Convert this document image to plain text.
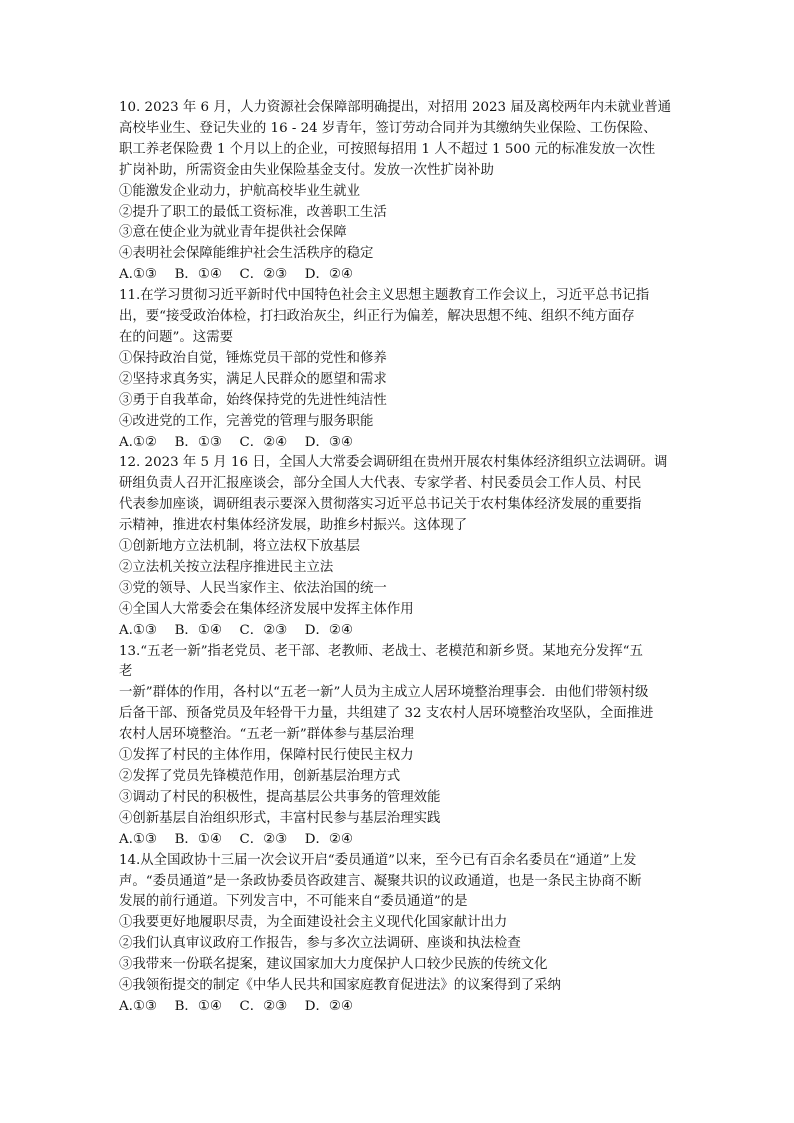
10. 2023 年 6 月，人力资源社会保障部明确提出，对招用 2023 届及离校两年内未就业普通
高校毕业生、登记失业的 16 - 24 岁青年，签订劳动合同并为其缴纳失业保险、工伤保险、
职工养老保险费 1 个月以上的企业，可按照每招用 1 人不超过 1 500 元的标准发放一次性
扩岗补助，所需资金由失业保险基金支付。发放一次性扩岗补助
①能激发企业动力，护航高校毕业生就业
②提升了职工的最低工资标准，改善职工生活
③意在使企业为就业青年提供社会保障
④表明社会保障能维护社会生活秩序的稳定
A.①③　 B．①④　 C．②③　 D．②④
11.在学习贯彻习近平新时代中国特色社会主义思想主题教育工作会议上，习近平总书记指
出，要“接受政治体检，打扫政治灰尘，纠正行为偏差，解决思想不纯、组织不纯方面存
在的问题”。这需要
①保持政治自觉，锤炼党员干部的党性和修养
②坚持求真务实，满足人民群众的愿望和需求
③勇于自我革命，始终保持党的先进性纯洁性
④改进党的工作，完善党的管理与服务职能
A.①②　 B．①③　 C．②④　 D．③④
12. 2023 年 5 月 16 日，全国人大常委会调研组在贵州开展农村集体经济组织立法调研。调
研组负责人召开汇报座谈会，部分全国人大代表、专家学者、村民委员会工作人员、村民
代表参加座谈，调研组表示要深入贯彻落实习近平总书记关于农村集体经济发展的重要指
示精神，推进农村集体经济发展，助推乡村振兴。这体现了
①创新地方立法机制，将立法权下放基层
②立法机关按立法程序推进民主立法
③党的领导、人民当家作主、依法治国的统一
④全国人大常委会在集体经济发展中发挥主体作用
A.①③　 B．①④　 C．②③　 D．②④
13.“五老一新”指老党员、老干部、老教师、老战士、老模范和新乡贤。某地充分发挥“五
老
一新”群体的作用，各村以“五老一新”人员为主成立人居环境整治理事会．由他们带领村级
后备干部、预备党员及年轻骨干力量，共组建了 32 支农村人居环境整治攻坚队，全面推进
农村人居环境整治。“五老一新”群体参与基层治理
①发挥了村民的主体作用，保障村民行使民主权力
②发挥了党员先锋模范作用，创新基层治理方式
③调动了村民的积极性，提高基层公共事务的管理效能
④创新基层自治组织形式，丰富村民参与基层治理实践
A.①③　 B．①④　 C．②③　 D．②④
14.从全国政协十三届一次会议开启“委员通道”以来，至今已有百余名委员在“通道”上发
声。“委员通道”是一条政协委员咨政建言、凝聚共识的议政通道，也是一条民主协商不断
发展的前行通道。下列发言中，不可能来自“委员通道”的是
①我要更好地履职尽责，为全面建设社会主义现代化国家献计出力
②我们认真审议政府工作报告，参与多次立法调研、座谈和执法检查
③我带来一份联名提案，建议国家加大力度保护人口较少民族的传统文化
④我领衔提交的制定《中华人民共和国家庭教育促进法》的议案得到了采纳
A.①③　 B．①④　 C．②③　 D．②④
